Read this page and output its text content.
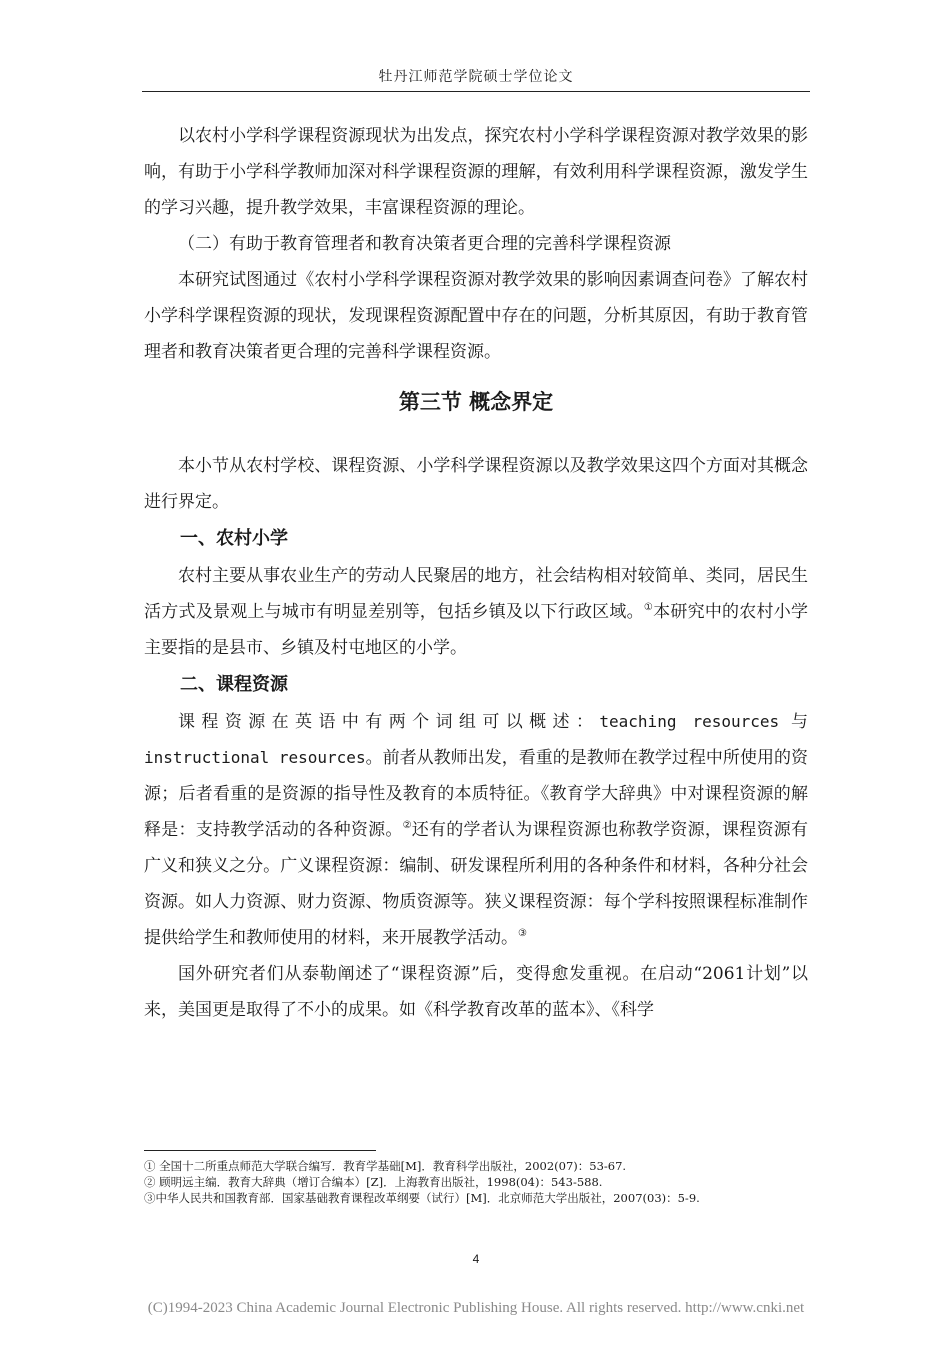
牡丹江师范学院硕士学位论文

以农村小学科学课程资源现状为出发点，探究农村小学科学课程资源对教学效果的影响，有助于小学科学教师加深对科学课程资源的理解，有效利用科学课程资源，激发学生的学习兴趣，提升教学效果，丰富课程资源的理论。

（二）有助于教育管理者和教育决策者更合理的完善科学课程资源

本研究试图通过《农村小学科学课程资源对教学效果的影响因素调查问卷》了解农村小学科学课程资源的现状，发现课程资源配置中存在的问题，分析其原因，有助于教育管理者和教育决策者更合理的完善科学课程资源。

第三节 概念界定

本小节从农村学校、课程资源、小学科学课程资源以及教学效果这四个方面对其概念进行界定。

一、农村小学

农村主要从事农业生产的劳动人民聚居的地方，社会结构相对较简单、类同，居民生活方式及景观上与城市有明显差别等，包括乡镇及以下行政区域。①本研究中的农村小学主要指的是县市、乡镇及村屯地区的小学。

二、课程资源

课程资源在英语中有两个词组可以概述：teaching resources 与 instructional resources。前者从教师出发，看重的是教师在教学过程中所使用的资源；后者看重的是资源的指导性及教育的本质特征。《教育学大辞典》中对课程资源的解释是：支持教学活动的各种资源。②还有的学者认为课程资源也称教学资源，课程资源有广义和狭义之分。广义课程资源：编制、研发课程所利用的各种条件和材料，各种分社会资源。如人力资源、财力资源、物质资源等。狭义课程资源：每个学科按照课程标准制作提供给学生和教师使用的材料，来开展教学活动。③

国外研究者们从泰勒阐述了“课程资源”后，变得愈发重视。在启动“2061计划”以来，美国更是取得了不小的成果。如《科学教育改革的蓝本》、《科学

① 全国十二所重点师范大学联合编写．教育学基础[M]．教育科学出版社，2002(07)：53-67.

② 顾明远主编．教育大辞典（增订合编本）[Z]．上海教育出版社，1998(04)：543-588.

③中华人民共和国教育部．国家基础教育课程改革纲要（试行）[M]．北京师范大学出版社，2007(03)：5-9.

4
(C)1994-2023 China Academic Journal Electronic Publishing House. All rights reserved. http://www.cnki.net
